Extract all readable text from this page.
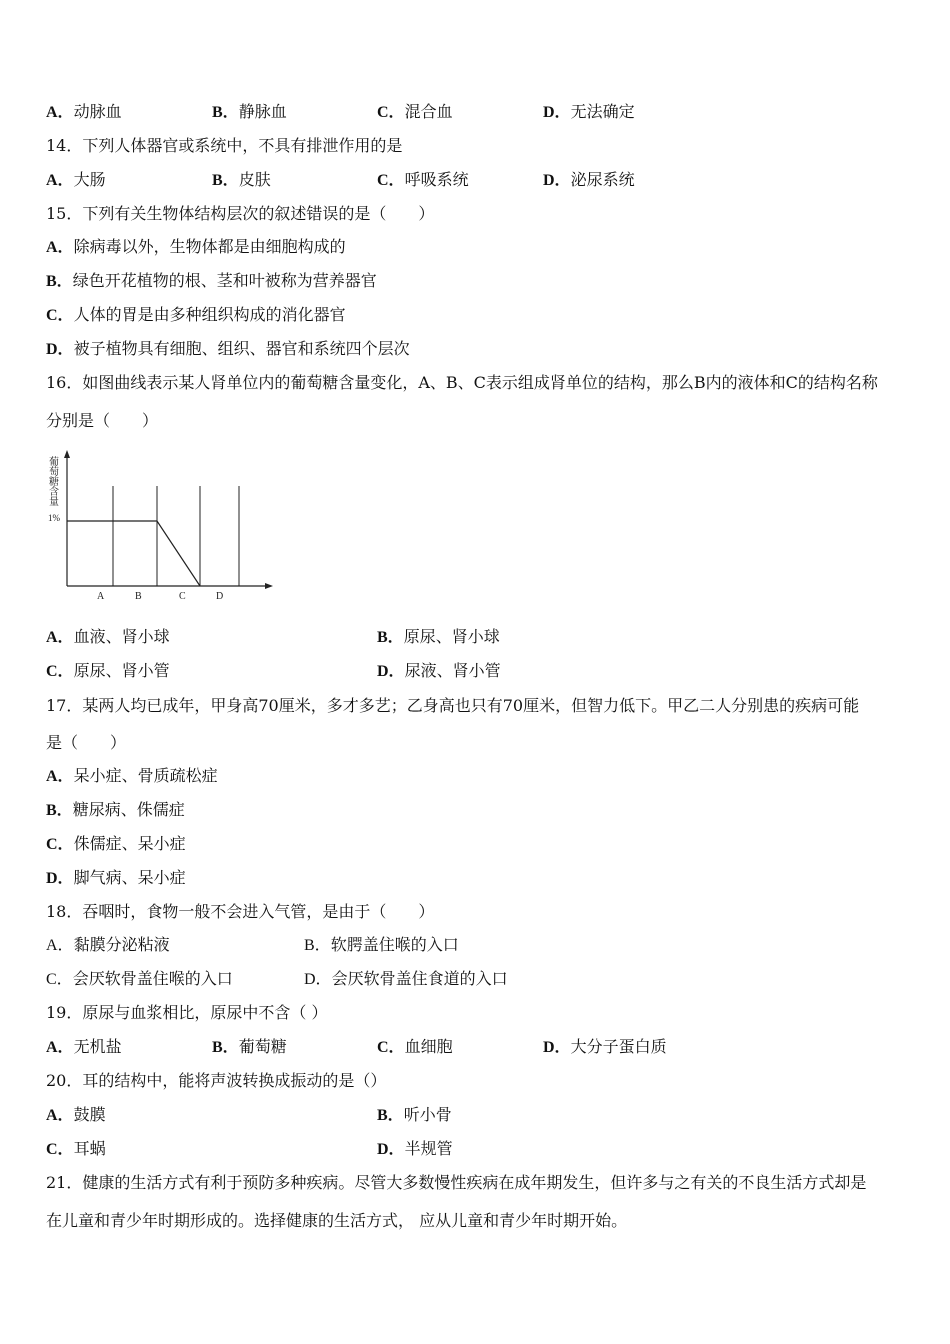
A．动脉血	B．静脉血	C．混合血	D．无法确定
14．下列人体器官或系统中，不具有排泄作用的是
A．大肠	B．皮肤	C．呼吸系统	D．泌尿系统
15．下列有关生物体结构层次的叙述错误的是（　　）
A．除病毒以外，生物体都是由细胞构成的
B．绿色开花植物的根、茎和叶被称为营养器官
C．人体的胃是由多种组织构成的消化器官
D．被子植物具有细胞、组织、器官和系统四个层次
16．如图曲线表示某人肾单位内的葡萄糖含量变化，A、B、C表示组成肾单位的结构，那么B内的液体和C的结构名称
分别是（　　）
1%
葡萄糖含量
A	B	C	D
A．血液、肾小球	B．原尿、肾小球
C．原尿、肾小管	D．尿液、肾小管
17．某两人均已成年，甲身高70厘米，多才多艺；乙身高也只有70厘米，但智力低下。甲乙二人分别患的疾病可能
是（　　）
A．呆小症、骨质疏松症
B．糖尿病、侏儒症
C．侏儒症、呆小症
D．脚气病、呆小症
18．吞咽时，食物一般不会进入气管，是由于（　　）
A．黏膜分泌粘液	B．软腭盖住喉的入口
C．会厌软骨盖住喉的入口	D．会厌软骨盖住食道的入口
19．原尿与血浆相比，原尿中不含（ ）
A．无机盐	B．葡萄糖	C．血细胞	D．大分子蛋白质
20．耳的结构中，能将声波转换成振动的是（）
A．鼓膜	B．听小骨
C．耳蜗	D．半规管
21．健康的生活方式有利于预防多种疾病。尽管大多数慢性疾病在成年期发生，但许多与之有关的不良生活方式却是
在儿童和青少年时期形成的。选择健康的生活方式， 应从儿童和青少年时期开始。
